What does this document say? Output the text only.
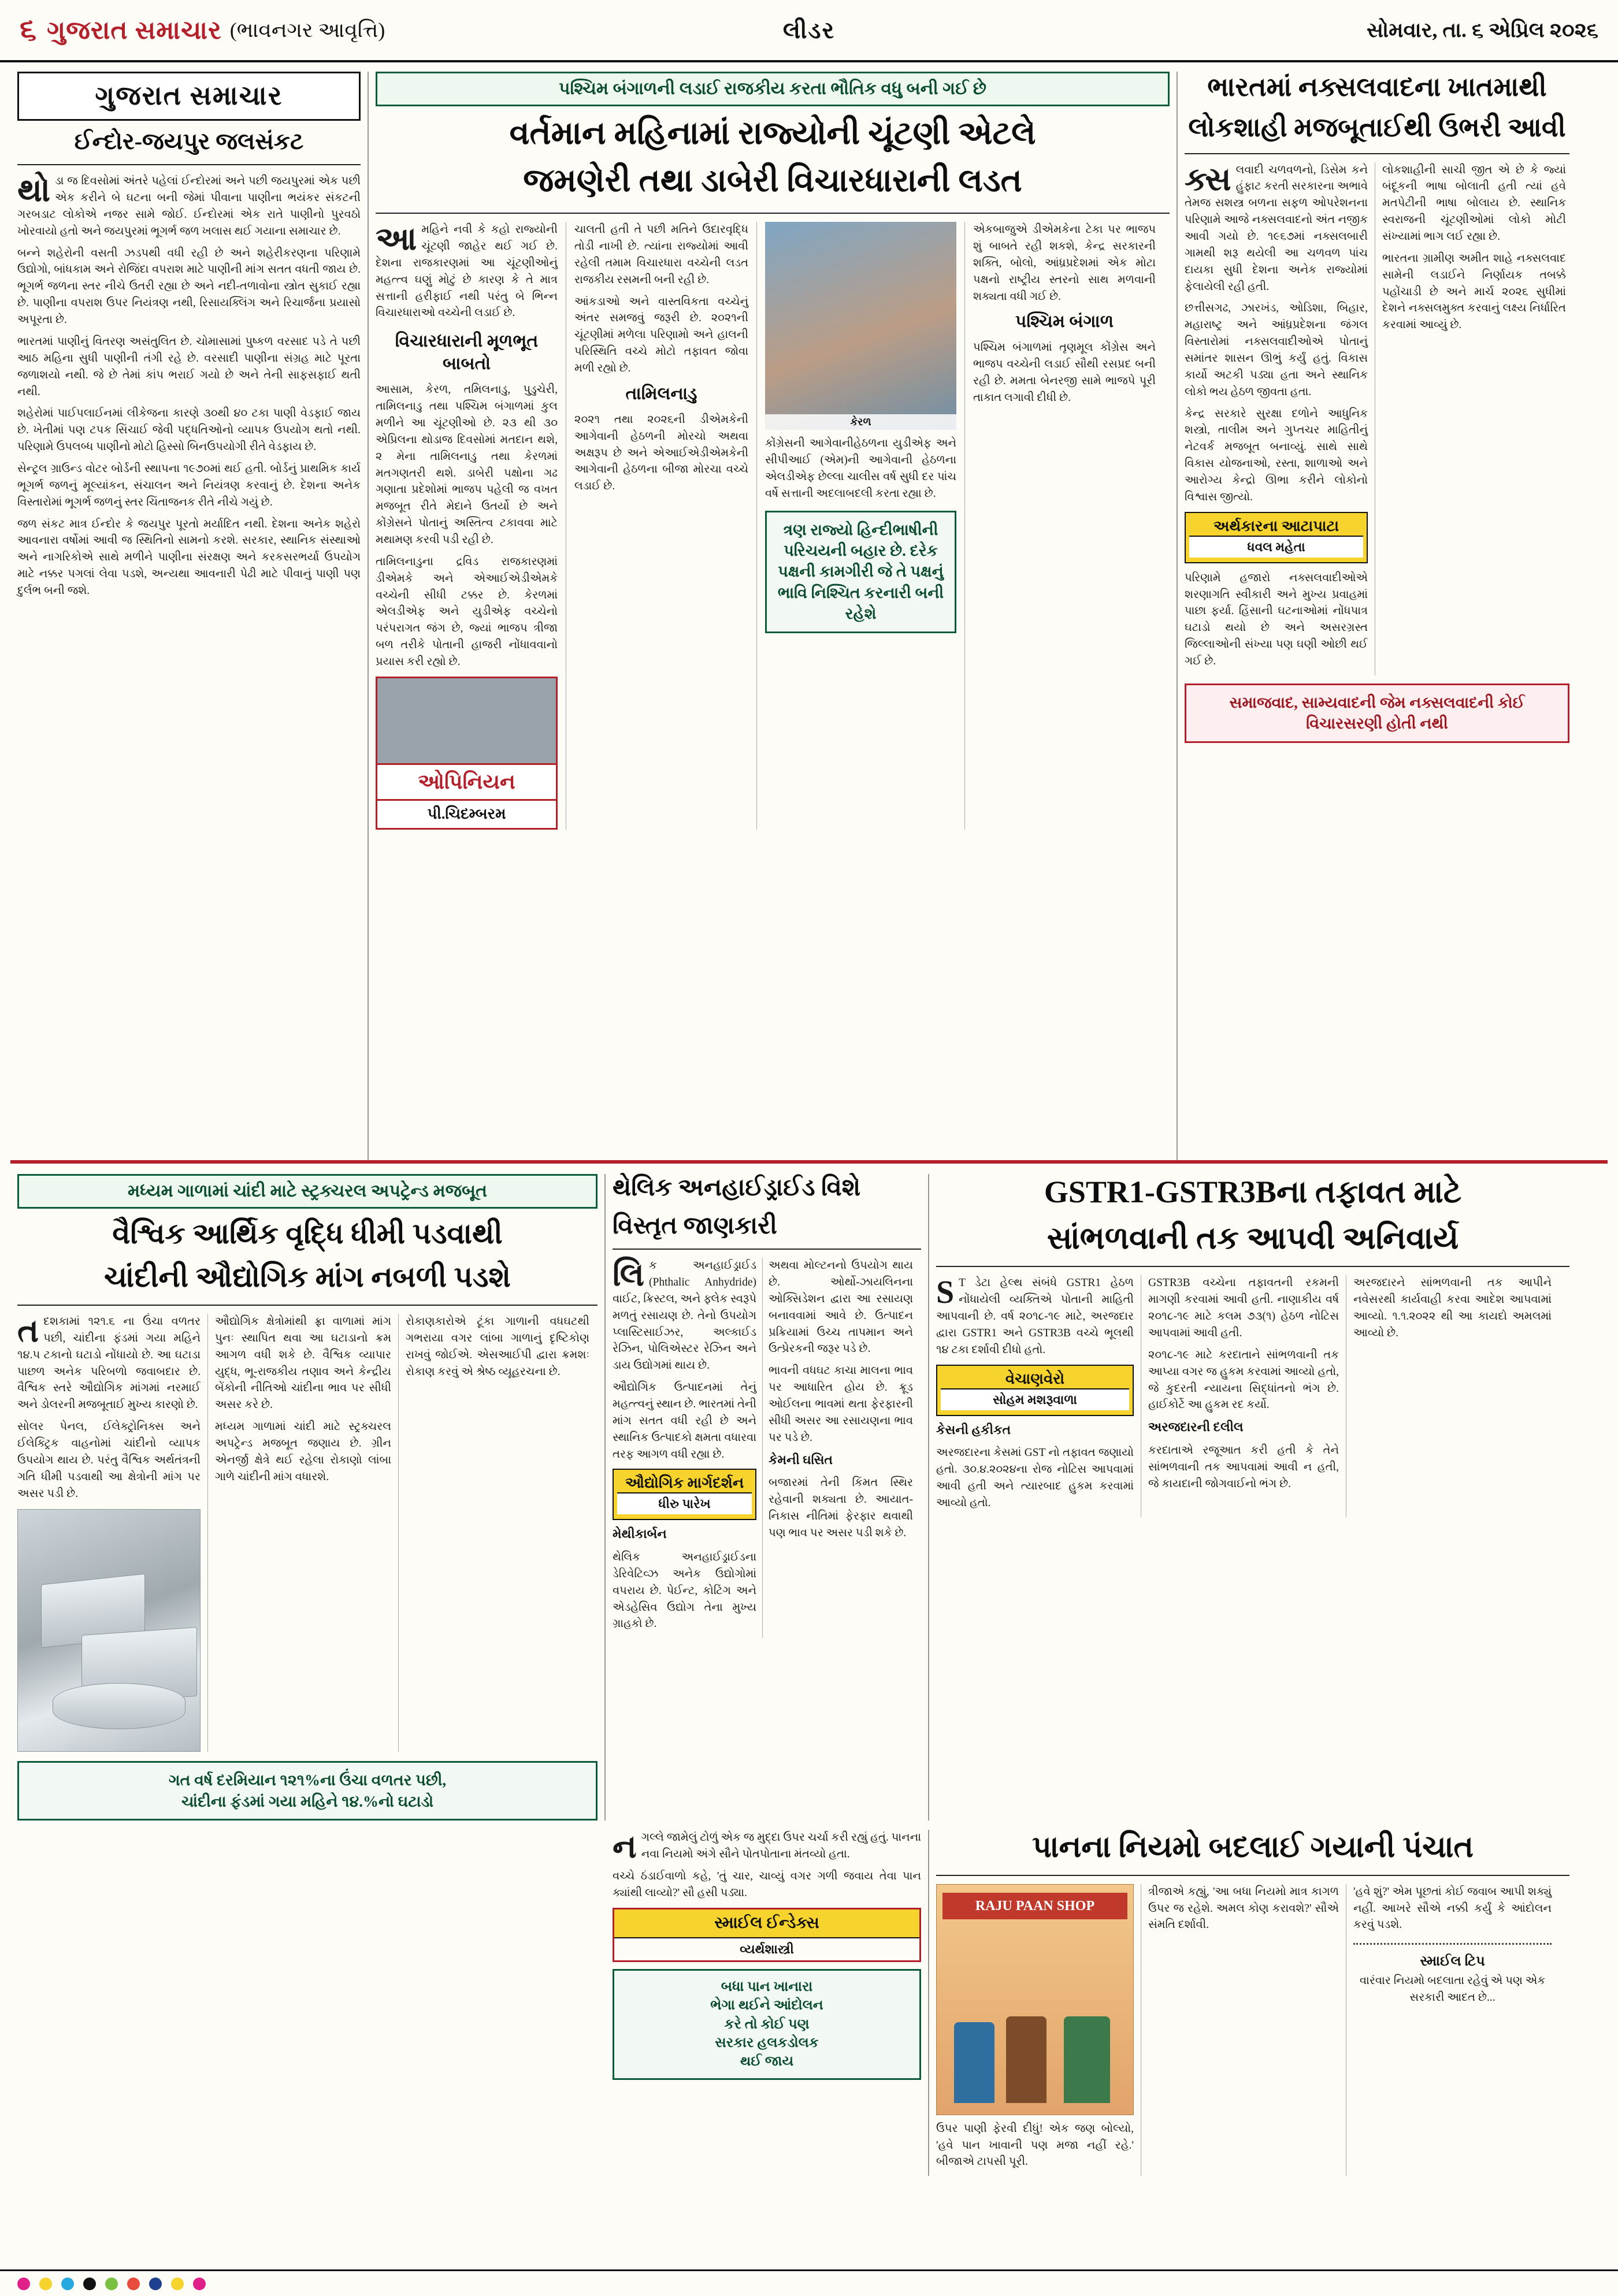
૬ ગુજરાત સમાચાર (ભાવનગર આવૃત્તિ)	લીડર	સોમવાર, તા. ૬ એપ્રિલ ૨૦૨૬
ગુજરાત સમાચાર
ઈન્દોર-જયપુર જલસંકટ

થોડા જ દિવસોમાં અંતરે પહેલાં ઈન્દોરમાં અને પછી જયપુરમાં એક પછી એક કરીને બે ઘટના બની જેમાં પીવાના પાણીના ભયંકર સંકટની ગરબડાટ લોકોએ નજર સામે જોઈ. ઈન્દોરમાં એક રાતે પાણીનો પુરવઠો ખોરવાયો હતો અને જયપુરમાં ભૂગર્ભ જળ ખલાસ થઈ ગયાના સમાચાર છે.

બન્ને શહેરોની વસતી ઝડપથી વધી રહી છે અને શહેરીકરણના પરિણામે ઉદ્યોગો, બાંધકામ અને રોજિંદા વપરાશ માટે પાણીની માંગ સતત વધતી જાય છે. ભૂગર્ભ જળના સ્તર નીચે ઉતરી રહ્યા છે અને નદી-તળાવોના સ્ત્રોત સુકાઈ રહ્યા છે. પાણીના વપરાશ ઉપર નિયંત્રણ નથી, રિસાયક્લિંગ અને રિચાર્જના પ્રયાસો અપૂરતા છે.

ભારતમાં પાણીનું વિતરણ અસંતુલિત છે. ચોમાસામાં પુષ્કળ વરસાદ પડે તે પછી આઠ મહિના સુધી પાણીની તંગી રહે છે. વરસાદી પાણીના સંગ્રહ માટે પૂરતા જળાશયો નથી. જે છે તેમાં કાંપ ભરાઈ ગયો છે અને તેની સાફસફાઈ થતી નથી.

શહેરોમાં પાઈપલાઈનમાં લીકેજના કારણે ૩૦થી ૪૦ ટકા પાણી વેડફાઈ જાય છે. ખેતીમાં પણ ટપક સિંચાઈ જેવી પદ્ધતિઓનો વ્યાપક ઉપયોગ થતો નથી. પરિણામે ઉપલબ્ધ પાણીનો મોટો હિસ્સો બિનઉપયોગી રીતે વેડફાય છે.

સેન્ટ્રલ ગ્રાઉન્ડ વોટર બોર્ડની સ્થાપના ૧૯૭૦માં થઈ હતી. બોર્ડનું પ્રાથમિક કાર્ય ભૂગર્ભ જળનું મૂલ્યાંકન, સંચાલન અને નિયંત્રણ કરવાનું છે. દેશના અનેક વિસ્તારોમાં ભૂગર્ભ જળનું સ્તર ચિંતાજનક રીતે નીચે ગયું છે.

જળ સંકટ માત્ર ઈન્દોર કે જયપુર પૂરતો મર્યાદિત નથી. દેશના અનેક શહેરો આવનારા વર્ષોમાં આવી જ સ્થિતિનો સામનો કરશે. સરકાર, સ્થાનિક સંસ્થાઓ અને નાગરિકોએ સાથે મળીને પાણીના સંરક્ષણ અને કરકસરભર્યા ઉપયોગ માટે નક્કર પગલાં લેવા પડશે, અન્યથા આવનારી પેઢી માટે પીવાનું પાણી પણ દુર્લભ બની જશે.

પશ્ચિમ બંગાળની લડાઈ રાજકીય કરતા ભૌતિક વધુ બની ગઈ છે
વર્તમાન મહિનામાં રાજ્યોની ચૂંટણી એટલે
જમણેરી તથા ડાબેરી વિચારધારાની લડત

આમહિને નવી કે કહો રાજ્યોની ચૂંટણી જાહેર થઈ ગઈ છે. દેશના રાજકારણમાં આ ચૂંટણીઓનું મહત્ત્વ ઘણું મોટું છે કારણ કે તે માત્ર સત્તાની હરીફાઈ નથી પરંતુ બે ભિન્ન વિચારધારાઓ વચ્ચેની લડાઈ છે.

વિચારધારાની મૂળભૂત બાબતો

આસામ, કેરળ, તમિલનાડુ, પુડુચેરી, તામિલનાડુ તથા પશ્ચિમ બંગાળમાં કુલ મળીને આ ચૂંટણીઓ છે. ૨૩ થી ૩૦ એપ્રિલના થોડાજ દિવસોમાં મતદાન થશે, ૨ મેના તામિલનાડુ તથા કેરળમાં મતગણતરી થશે. ડાબેરી પક્ષોના ગઢ ગણાતા પ્રદેશોમાં ભાજપ પહેલી જ વખત મજબૂત રીતે મેદાને ઉતર્યો છે અને કોંગ્રેસને પોતાનું અસ્તિત્વ ટકાવવા માટે મથામણ કરવી પડી રહી છે.

તામિલનાડુના દ્રવિડ રાજકારણમાં ડીએમકે અને એઆઈએડીએમકે વચ્ચેની સીધી ટક્કર છે. કેરળમાં એલડીએફ અને યુડીએફ વચ્ચેનો પરંપરાગત જંગ છે, જ્યાં ભાજપ ત્રીજા બળ તરીકે પોતાની હાજરી નોંધાવવાનો પ્રયાસ કરી રહ્યો છે.

ઓપિનિયન
પી.ચિદમ્બરમ

ચાલતી હતી તે પછી મતિને ઉદારવૃદ્ધિ તોડી નાખી છે. ત્યાંના રાજ્યોમાં આવી રહેલી તમામ વિચારધારા વચ્ચેની લડત રાજકીય રસમની બની રહી છે.

આંકડાઓ અને વાસ્તવિકતા વચ્ચેનું અંતર સમજવું જરૂરી છે. ૨૦૨૧ની ચૂંટણીમાં મળેલા પરિણામો અને હાલની પરિસ્થિતિ વચ્ચે મોટો તફાવત જોવા મળી રહ્યો છે.

તામિલનાડુ

૨૦૨૧ તથા ૨૦૨૬ની ડીએમકેની આગેવાની હેઠળની મોરચો અથવા અક્ષરૂપ છે અને એઆઈએડીએમકેની આગેવાની હેઠળના બીજા મોરચા વચ્ચે લડાઈ છે.

કેરળ

કોંગ્રેસની આગેવાનીહેઠળના યુડીએફ અને સીપીઆઈ (એમ)ની આગેવાની હેઠળના એલડીએફ છેલ્લા ચાલીસ વર્ષ સુધી દર પાંચ વર્ષે સત્તાની અદલાબદલી કરતા રહ્યા છે.

ત્રણ રાજ્યો હિન્દીભાષીની પરિચયની બહાર છે. દરેક પક્ષની કામગીરી જે તે પક્ષનું ભાવિ નિશ્ચિત કરનારી બની રહેશે

એકબાજુએ ડીએમકેના ટેકા પર ભાજપ શું બાબતે રહી શકશે, કેન્દ્ર સરકારની શક્તિ, બોલો, આંધ્રપ્રદેશમાં એક મોટા પક્ષનો રાષ્ટ્રીય સ્તરનો સાથ મળવાની શક્યતા વધી ગઈ છે.

પશ્ચિમ બંગાળ

પશ્ચિમ બંગાળમાં તૃણમૂલ કોંગ્રેસ અને ભાજપ વચ્ચેની લડાઈ સૌથી રસપ્રદ બની રહી છે. મમતા બેનરજી સામે ભાજપે પૂરી તાકાત લગાવી દીધી છે.

ભારતમાં નક્સલવાદના ખાતમાથી
લોકશાહી મજબૂતાઈથી ઉભરી આવી

ક્સલવાદી ચળવળનો, ડિસેમ કને હુંફાટ કરતી સરકારના અભાવે તેમજ સશસ્ત્ર બળના સફળ ઓપરેશનના પરિણામે આજે નક્સલવાદનો અંત નજીક આવી ગયો છે. ૧૯૬૭માં નક્સલબારી ગામથી શરૂ થયેલી આ ચળવળ પાંચ દાયકા સુધી દેશના અનેક રાજ્યોમાં ફેલાયેલી રહી હતી.

છત્તીસગઢ, ઝારખંડ, ઓડિશા, બિહાર, મહારાષ્ટ્ર અને આંધ્રપ્રદેશના જંગલ વિસ્તારોમાં નક્સલવાદીઓએ પોતાનું સમાંતર શાસન ઊભું કર્યું હતું. વિકાસ કાર્યો અટકી પડ્યા હતા અને સ્થાનિક લોકો ભય હેઠળ જીવતા હતા.

કેન્દ્ર સરકારે સુરક્ષા દળોને આધુનિક શસ્ત્રો, તાલીમ અને ગુપ્તચર માહિતીનું નેટવર્ક મજબૂત બનાવ્યું. સાથે સાથે વિકાસ યોજનાઓ, રસ્તા, શાળાઓ અને આરોગ્ય કેન્દ્રો ઊભા કરીને લોકોનો વિશ્વાસ જીત્યો.

અર્થકારના આટાપાટા
ધવલ મહેતા

પરિણામે હજારો નક્સલવાદીઓએ શરણાગતિ સ્વીકારી અને મુખ્ય પ્રવાહમાં પાછા ફર્યા. હિંસાની ઘટનાઓમાં નોંધપાત્ર ઘટાડો થયો છે અને અસરગ્રસ્ત જિલ્લાઓની સંખ્યા પણ ઘણી ઓછી થઈ ગઈ છે.

લોકશાહીની સાચી જીત એ છે કે જ્યાં બંદૂકની ભાષા બોલાતી હતી ત્યાં હવે મતપેટીની ભાષા બોલાય છે. સ્થાનિક સ્વરાજની ચૂંટણીઓમાં લોકો મોટી સંખ્યામાં ભાગ લઈ રહ્યા છે.

ભારતના ગ્રામીણ અમીત શાહે નક્સલવાદ સામેની લડાઈને નિર્ણાયક તબક્કે પહોંચાડી છે અને માર્ચ ૨૦૨૬ સુધીમાં દેશને નક્સલમુક્ત કરવાનું લક્ષ્ય નિર્ધારિત કરવામાં આવ્યું છે.

સમાજવાદ, સામ્યવાદની જેમ નક્સલવાદની કોઈ વિચારસરણી હોતી નથી
મધ્યમ ગાળામાં ચાંદી માટે સ્ટ્રક્ચરલ અપટ્રેન્ડ મજબૂત
વૈશ્વિક આર્થિક વૃદ્ધિ ધીમી પડવાથી
ચાંદીની ઔદ્યોગિક માંગ નબળી પડશે

તદશકામાં ૧૨૧.૬ ના ઉંચા વળતર પછી, ચાંદીના ફંડમાં ગયા મહિને ૧૪.૫ ટકાનો ઘટાડો નોંધાયો છે. આ ઘટાડા પાછળ અનેક પરિબળો જવાબદાર છે. વૈશ્વિક સ્તરે ઔદ્યોગિક માંગમાં નરમાઈ અને ડોલરની મજબૂતાઈ મુખ્ય કારણો છે.

સોલર પેનલ, ઈલેક્ટ્રોનિક્સ અને ઈલેક્ટ્રિક વાહનોમાં ચાંદીનો વ્યાપક ઉપયોગ થાય છે. પરંતુ વૈશ્વિક અર્થતંત્રની ગતિ ધીમી પડવાથી આ ક્ષેત્રોની માંગ પર અસર પડી છે.

ઔદ્યોગિક ક્ષેત્રોમાંથી ફ્રા વાળામાં માંગ પુનઃ સ્થાપિત થવા આ ઘટાડાનો ક્રમ આગળ વધી શકે છે. વૈશ્વિક વ્યાપાર યુદ્ધ, ભૂ-રાજકીય તણાવ અને કેન્દ્રીય બેંકોની નીતિઓ ચાંદીના ભાવ પર સીધી અસર કરે છે.

મધ્યમ ગાળામાં ચાંદી માટે સ્ટ્રક્ચરલ અપટ્રેન્ડ મજબૂત જણાય છે. ગ્રીન એનર્જી ક્ષેત્રે થઈ રહેલા રોકાણો લાંબા ગાળે ચાંદીની માંગ વધારશે.

રોકાણકારોએ ટૂંકા ગાળાની વધઘટથી ગભરાયા વગર લાંબા ગાળાનું દૃષ્ટિકોણ રાખવું જોઈએ. એસઆઈપી દ્વારા ક્રમશઃ રોકાણ કરવું એ શ્રેષ્ઠ વ્યૂહરચના છે.

ગત વર્ષ દરમિયાન ૧૨૧%ના ઉંચા વળતર પછી,
ચાંદીના ફંડમાં ગયા મહિને ૧૪.%નો ઘટાડો
થેલિક અનહાઈડ્રાઈડ વિશે
વિસ્તૃત જાણકારી

લિક અનહાઈડ્રાઈડ (Phthalic Anhydride) વાઈટ, ક્રિસ્ટલ, અને ફ્લેક સ્વરૂપે મળતું રસાયણ છે. તેનો ઉપયોગ પ્લાસ્ટિસાઈઝર, અલ્કાઈડ રેઝિન, પોલિએસ્ટર રેઝિન અને ડાય ઉદ્યોગમાં થાય છે.

ઔદ્યોગિક ઉત્પાદનમાં તેનું મહત્ત્વનું સ્થાન છે. ભારતમાં તેની માંગ સતત વધી રહી છે અને સ્થાનિક ઉત્પાદકો ક્ષમતા વધારવા તરફ આગળ વધી રહ્યા છે.

ઔદ્યોગિક માર્ગદર્શન
ધીરુ પારેખ
મેથીકાર્બન

થેલિક અનહાઈડ્રાઈડના ડેરિવેટિવ્ઝ અનેક ઉદ્યોગોમાં વપરાય છે. પેઈન્ટ, કોટિંગ અને એડહેસિવ ઉદ્યોગ તેના મુખ્ય ગ્રાહકો છે.

અથવા મોલ્ટનનો ઉપયોગ થાય છે. ઓર્થો-ઝાયલિનના ઓક્સિડેશન દ્વારા આ રસાયણ બનાવવામાં આવે છે. ઉત્પાદન પ્રક્રિયામાં ઉચ્ચ તાપમાન અને ઉત્પ્રેરકની જરૂર પડે છે.

ભાવની વધઘટ કાચા માલના ભાવ પર આધારિત હોય છે. ક્રૂડ ઓઈલના ભાવમાં થતા ફેરફારની સીધી અસર આ રસાયણના ભાવ પર પડે છે.

કેમની ઘસિત

બજારમાં તેની કિંમત સ્થિર રહેવાની શક્યતા છે. આયાત-નિકાસ નીતિમાં ફેરફાર થવાથી પણ ભાવ પર અસર પડી શકે છે.

GSTR1-GSTR3Bના તફાવત માટે
સાંભળવાની તક આપવી અનિવાર્ય

ST ડેટા હેલ્થ સંબંધે GSTR1 હેઠળ નોંધાયેલી વ્યક્તિએ પોતાની માહિતી આપવાની છે. વર્ષ ૨૦૧૮-૧૯ માટે, અરજદાર દ્વારા GSTR1 અને GSTR3B વચ્ચે ભૂલથી ૧૪ ટકા દર્શાવી દીધો હતો.

વેચાણવેરો
સોહમ મશરૂવાળા
કેસની હકીકત

અરજદારના કેસમાં GST નો તફાવત જણાયો હતો. ૩૦.૪.૨૦૨૪ના રોજ નોટિસ આપવામાં આવી હતી અને ત્યારબાદ હુકમ કરવામાં આવ્યો હતો.

GSTR3B વચ્ચેના તફાવતની રકમની માગણી કરવામાં આવી હતી. નાણાકીય વર્ષ ૨૦૧૮-૧૯ માટે કલમ ૭૩(૧) હેઠળ નોટિસ આપવામાં આવી હતી.

૨૦૧૮-૧૯ માટે કરદાતાને સાંભળવાની તક આપ્યા વગર જ હુકમ કરવામાં આવ્યો હતો, જે કુદરતી ન્યાયના સિદ્ધાંતનો ભંગ છે. હાઈકોર્ટે આ હુકમ રદ કર્યો.

અરજદારની દલીલ

કરદાતાએ રજૂઆત કરી હતી કે તેને સાંભળવાની તક આપવામાં આવી ન હતી, જે કાયદાની જોગવાઈનો ભંગ છે.

અરજદારને સાંભળવાની તક આપીને નવેસરથી કાર્યવાહી કરવા આદેશ આપવામાં આવ્યો. ૧.૧.૨૦૨૨ થી આ કાયદો અમલમાં આવ્યો છે.

નગલ્લે જામેલું ટોળું એક જ મુદ્દા ઉપર ચર્ચા કરી રહ્યું હતું. પાનના નવા નિયમો અંગે સૌને પોતપોતાના મંતવ્યો હતા.

વચ્ચે ઠંડાઈવાળો કહે, 'તું ચાર, ચાવ્યું વગર ગળી જવાય તેવા પાન ક્યાંથી લાવ્યો?' સૌ હસી પડ્યા.

સ્માઈલ ઈન્ડેક્સ
વ્યર્થશાસ્ત્રી
બધા પાન ખાનારા
ભેગા થઈને આંદોલન
કરે તો કોઈ પણ
સરકાર હલકડોલક
થઈ જાય
પાનના નિયમો બદલાઈ ગયાની પંચાત
RAJU PAAN SHOP

ઉપર પાણી ફેરવી દીધું! એક જણ બોલ્યો, 'હવે પાન ખાવાની પણ મજા નહીં રહે.' બીજાએ ટાપસી પૂરી.

ત્રીજાએ કહ્યું, 'આ બધા નિયમો માત્ર કાગળ ઉપર જ રહેશે. અમલ કોણ કરાવશે?' સૌએ સંમતિ દર્શાવી.

'હવે શું?' એમ પૂછતાં કોઈ જવાબ આપી શક્યું નહીં. આખરે સૌએ નક્કી કર્યું કે આંદોલન કરવું પડશે.

સ્માઈલ ટિપ
વારંવાર નિયમો બદલાતા રહેવું એ પણ એક સરકારી આદત છે...
